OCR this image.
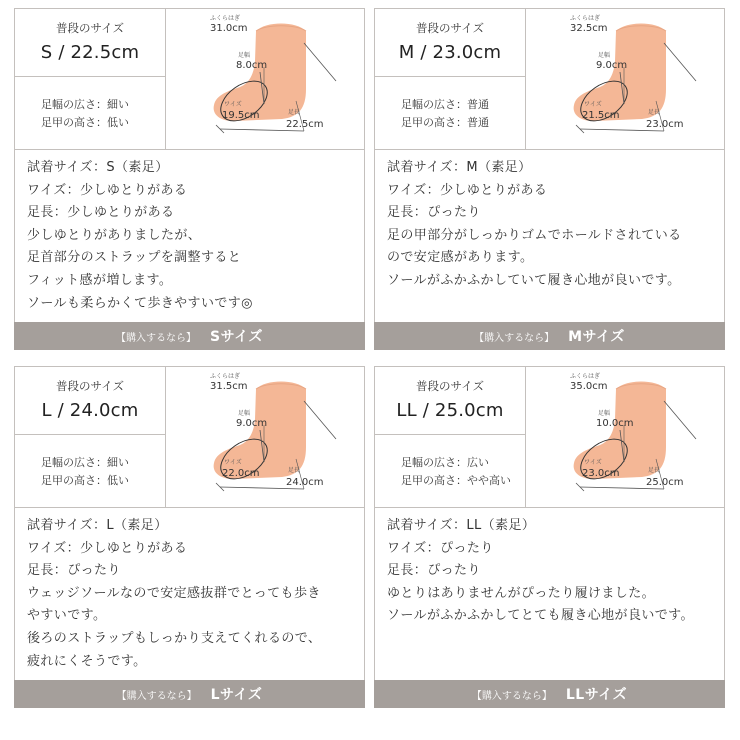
普段のサイズ
S / 22.5cm
足幅の広さ：細い
足甲の高さ：低い
ふくらはぎ
31.0cm
足幅
8.0cm
ワイズ
19.5cm	足長
22.5cm
試着サイズ：S（素足）
ワイズ：少しゆとりがある
足長：少しゆとりがある
少しゆとりがありましたが、
足首部分のストラップを調整すると
フィット感が増します。
ソールも柔らかくて歩きやすいです◎
【購入するなら】 Sサイズ
普段のサイズ
M / 23.0cm
足幅の広さ：普通
足甲の高さ：普通
ふくらはぎ
32.5cm
足幅
9.0cm
ワイズ
21.5cm	足長
23.0cm
試着サイズ：M（素足）
ワイズ：少しゆとりがある
足長：ぴったり
足の甲部分がしっかりゴムでホールドされている
ので安定感があります。
ソールがふかふかしていて履き心地が良いです。
【購入するなら】 Mサイズ
普段のサイズ
L / 24.0cm
足幅の広さ：細い
足甲の高さ：低い
ふくらはぎ
31.5cm
足幅
9.0cm
ワイズ
22.0cm	足長
24.0cm
試着サイズ：L（素足）
ワイズ：少しゆとりがある
足長：ぴったり
ウェッジソールなので安定感抜群でとっても歩き
やすいです。
後ろのストラップもしっかり支えてくれるので、
疲れにくそうです。
【購入するなら】 Lサイズ
普段のサイズ
LL / 25.0cm
足幅の広さ：広い
足甲の高さ：やや高い
ふくらはぎ
35.0cm
足幅
10.0cm
ワイズ
23.0cm	足長
25.0cm
試着サイズ：LL（素足）
ワイズ：ぴったり
足長：ぴったり
ゆとりはありませんがぴったり履けました。
ソールがふかふかしてとても履き心地が良いです。
【購入するなら】 LLサイズ
